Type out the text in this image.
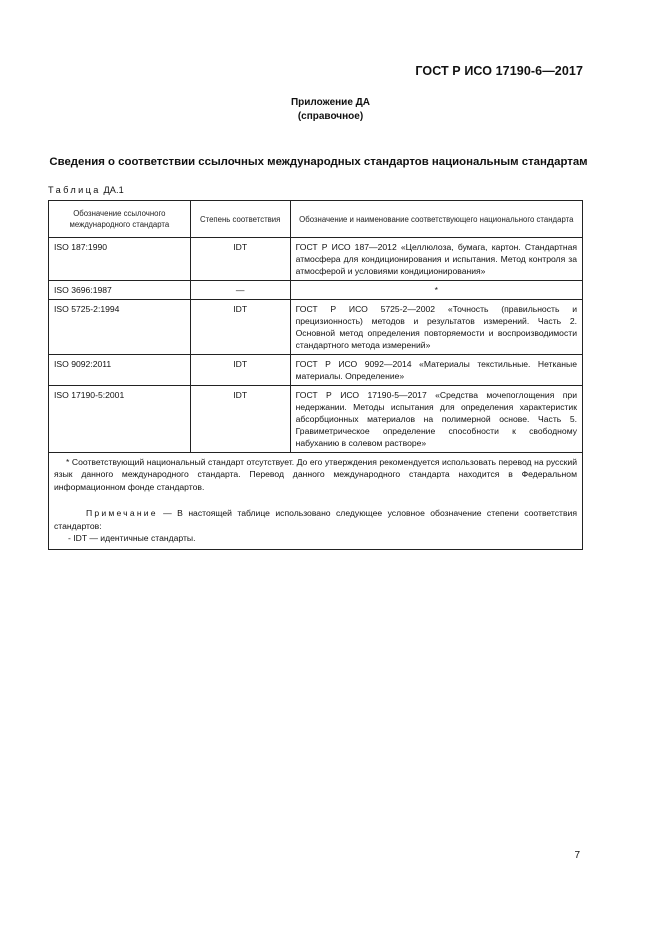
ГОСТ Р ИСО 17190-6—2017
Приложение ДА
(справочное)
Сведения о соответствии ссылочных международных стандартов национальным стандартам
Таблица ДА.1
Обозначение ссылочного международного стандарта	Степень соответствия	Обозначение и наименование соответствующего национального стандарта
ISO 187:1990	IDT	ГОСТ Р ИСО 187—2012 «Целлюлоза, бумага, картон. Стандартная атмосфера для кондиционирования и испытания. Метод контроля за атмосферой и условиями кондиционирования»
ISO 3696:1987	—	*
ISO 5725-2:1994	IDT	ГОСТ Р ИСО 5725-2—2002 «Точность (правильность и прецизионность) методов и результатов измерений. Часть 2. Основной метод определения повторяемости и воспроизводимости стандартного метода измерений»
ISO 9092:2011	IDT	ГОСТ Р ИСО 9092—2014 «Материалы текстильные. Нетканые материалы. Определение»
ISO 17190-5:2001	IDT	ГОСТ Р ИСО 17190-5—2017 «Средства мочепоглощения при недержании. Методы испытания для определения характеристик абсорбционных материалов на полимерной основе. Часть 5. Гравиметрическое определение способности к свободному набуханию в солевом растворе»

* Соответствующий национальный стандарт отсутствует. До его утверждения рекомендуется использовать перевод на русский язык данного международного стандарта. Перевод данного международного стандарта находится в Федеральном информационном фонде стандартов.

Примечание — В настоящей таблице использовано следующее условное обозначение степени соответствия стандартов:

- IDT — идентичные стандарты.		

7
